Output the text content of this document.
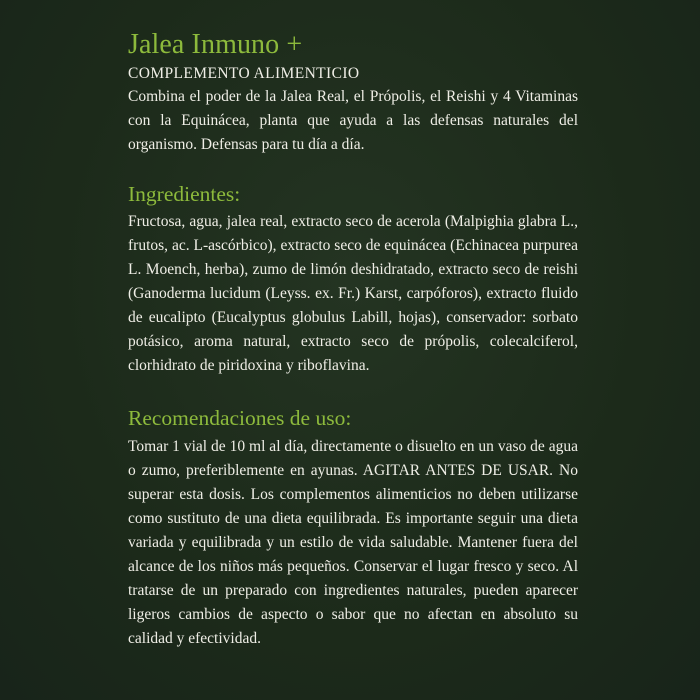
Jalea Inmuno +
COMPLEMENTO ALIMENTICIO

Combina el poder de la Jalea Real, el Própolis, el Reishi y 4 Vitaminas con la Equinácea, planta que ayuda a las defensas naturales del organismo. Defensas para tu día a día.

Ingredientes:

Fructosa, agua, jalea real, extracto seco de acerola (Malpighia glabra L., frutos, ac. L-ascórbico), extracto seco de equinácea (Echinacea purpurea L. Moench, herba), zumo de limón deshidratado, extracto seco de reishi (Ganoderma lucidum (Leyss. ex. Fr.) Karst, carpóforos), extracto fluido de eucalipto (Eucalyptus globulus Labill, hojas), conservador: sorbato potásico, aroma natural, extracto seco de própolis, colecalciferol, clorhidrato de piridoxina y riboflavina.

Recomendaciones de uso:

Tomar 1 vial de 10 ml al día, directamente o disuelto en un vaso de agua o zumo, preferiblemente en ayunas. AGITAR ANTES DE USAR. No superar esta dosis. Los complementos alimenticios no deben utilizarse como sustituto de una dieta equilibrada. Es importante seguir una dieta variada y equilibrada y un estilo de vida saludable. Mantener fuera del alcance de los niños más pequeños. Conservar el lugar fresco y seco. Al tratarse de un preparado con ingredientes naturales, pueden aparecer ligeros cambios de aspecto o sabor que no afectan en absoluto su calidad y efectividad.
